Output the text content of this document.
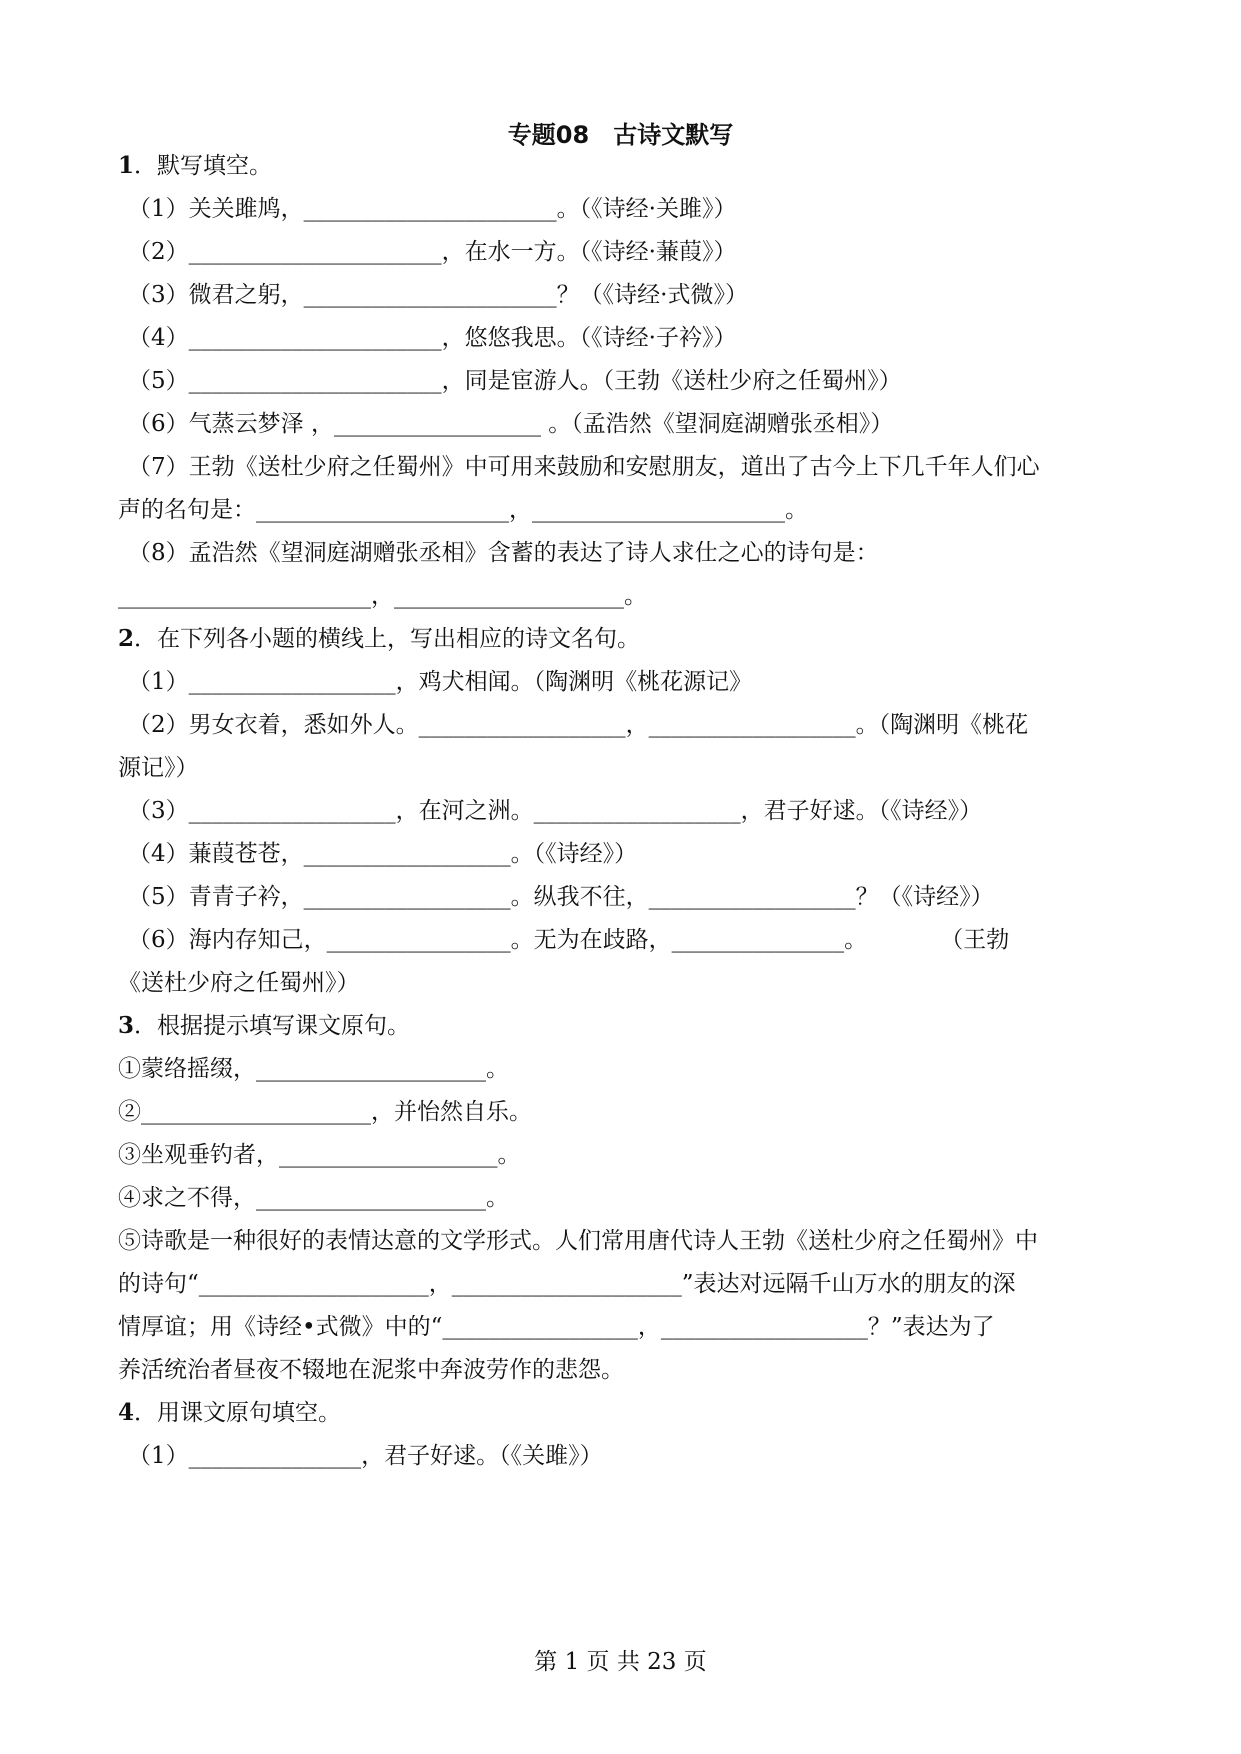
专题08　古诗文默写
1．默写填空。
（1）关关雎鸠，______________________。（《诗经·关雎》）
（2）______________________，在水一方。（《诗经·蒹葭》）
（3）微君之躬，______________________？（《诗经·式微》）
（4）______________________，悠悠我思。（《诗经·子衿》）
（5）______________________，同是宦游人。（王勃《送杜少府之任蜀州》）
（6）气蒸云梦泽 ，__________________ 。（孟浩然《望洞庭湖赠张丞相》）
（7）王勃《送杜少府之任蜀州》中可用来鼓励和安慰朋友，道出了古今上下几千年人们心
声的名句是：______________________，______________________。
（8）孟浩然《望洞庭湖赠张丞相》含蓄的表达了诗人求仕之心的诗句是：
______________________，____________________。
2．在下列各小题的横线上，写出相应的诗文名句。
（1）__________________，鸡犬相闻。（陶渊明《桃花源记》
（2）男女衣着，悉如外人。__________________，__________________。（陶渊明《桃花
源记》）
（3）__________________，在河之洲。__________________，君子好逑。（《诗经》）
（4）蒹葭苍苍，__________________。（《诗经》）
（5）青青子衿，__________________。纵我不往，__________________？（《诗经》）
（6）海内存知己，________________。无为在歧路，_______________。          （王勃
《送杜少府之任蜀州》）
3．根据提示填写课文原句。
①蒙络摇缀，____________________。
②____________________，并怡然自乐。
③坐观垂钓者，___________________。
④求之不得，____________________。
⑤诗歌是一种很好的表情达意的文学形式。人们常用唐代诗人王勃《送杜少府之任蜀州》中
的诗句“____________________，____________________”表达对远隔千山万水的朋友的深
情厚谊；用《诗经•式微》中的“_________________，__________________？”表达为了
养活统治者昼夜不辍地在泥浆中奔波劳作的悲怨。
4．用课文原句填空。
（1）_______________，君子好逑。（《关雎》）
第 1 页 共 23 页
